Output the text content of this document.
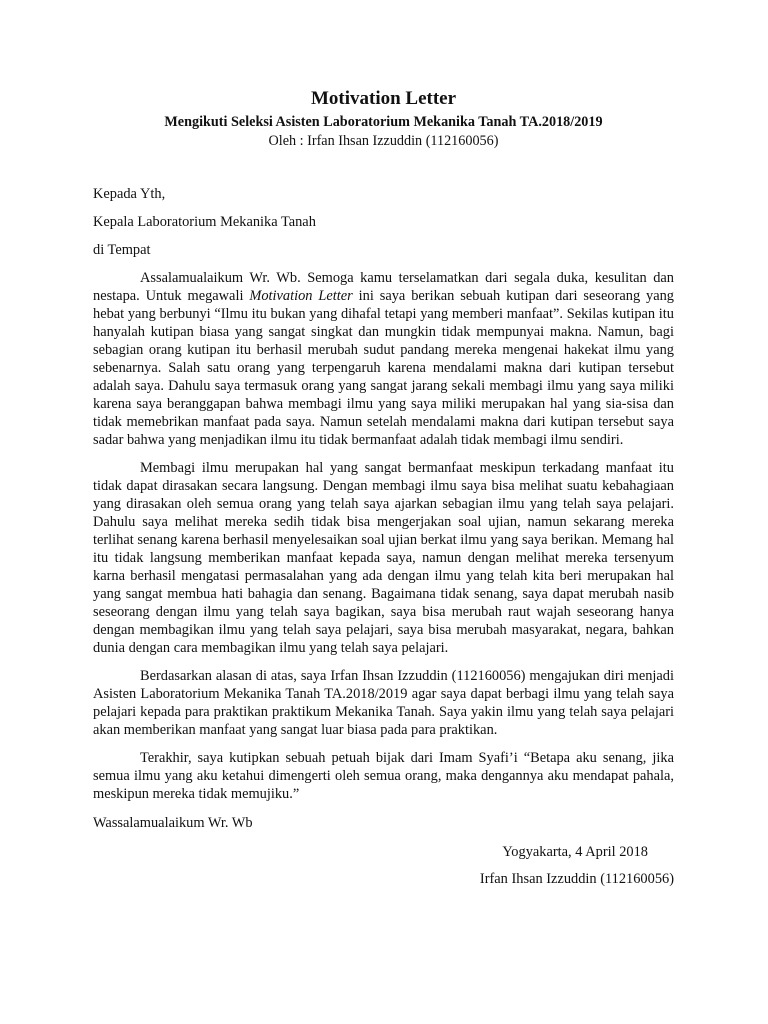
Motivation Letter

Mengikuti Seleksi Asisten Laboratorium Mekanika Tanah TA.2018/2019

Oleh : Irfan Ihsan Izzuddin (112160056)

Kepada Yth,

Kepala Laboratorium Mekanika Tanah

di Tempat

Assalamualaikum Wr. Wb. Semoga kamu terselamatkan dari segala duka, kesulitan dan nestapa. Untuk megawali Motivation Letter ini saya berikan sebuah kutipan dari seseorang yang hebat yang berbunyi “Ilmu itu bukan yang dihafal tetapi yang memberi manfaat”. Sekilas kutipan itu hanyalah kutipan biasa yang sangat singkat dan mungkin tidak mempunyai makna. Namun, bagi sebagian orang kutipan itu berhasil merubah sudut pandang mereka mengenai hakekat ilmu yang sebenarnya. Salah satu orang yang terpengaruh karena mendalami makna dari kutipan tersebut adalah saya. Dahulu saya termasuk orang yang sangat jarang sekali membagi ilmu yang saya miliki karena saya beranggapan bahwa membagi ilmu yang saya miliki merupakan hal yang sia-sisa dan tidak memebrikan manfaat pada saya. Namun setelah mendalami makna dari kutipan tersebut saya sadar bahwa yang menjadikan ilmu itu tidak bermanfaat adalah tidak membagi ilmu sendiri.

Membagi ilmu merupakan hal yang sangat bermanfaat meskipun terkadang manfaat itu tidak dapat dirasakan secara langsung. Dengan membagi ilmu saya bisa melihat suatu kebahagiaan yang dirasakan oleh semua orang yang telah saya ajarkan sebagian ilmu yang telah saya pelajari. Dahulu saya melihat mereka sedih tidak bisa mengerjakan soal ujian, namun sekarang mereka terlihat senang karena berhasil menyelesaikan soal ujian berkat ilmu yang saya berikan. Memang hal itu tidak langsung memberikan manfaat kepada saya, namun dengan melihat mereka tersenyum karna berhasil mengatasi permasalahan yang ada dengan ilmu yang telah kita beri merupakan hal yang sangat membua hati bahagia dan senang. Bagaimana tidak senang, saya dapat merubah nasib seseorang dengan ilmu yang telah saya bagikan, saya bisa merubah raut wajah seseorang hanya dengan membagikan ilmu yang telah saya pelajari, saya bisa merubah masyarakat, negara, bahkan dunia dengan cara membagikan ilmu yang telah saya pelajari.

Berdasarkan alasan di atas, saya Irfan Ihsan Izzuddin (112160056) mengajukan diri menjadi Asisten Laboratorium Mekanika Tanah TA.2018/2019 agar saya dapat berbagi ilmu yang telah saya pelajari kepada para praktikan praktikum Mekanika Tanah. Saya yakin ilmu yang telah saya pelajari akan memberikan manfaat yang sangat luar biasa pada para praktikan.

Terakhir, saya kutipkan sebuah petuah bijak dari Imam Syafi’i “Betapa aku senang, jika semua ilmu yang aku ketahui dimengerti oleh semua orang, maka dengannya aku mendapat pahala, meskipun mereka tidak memujiku.”

Wassalamualaikum Wr. Wb

Yogyakarta, 4 April 2018

Irfan Ihsan Izzuddin (112160056)
